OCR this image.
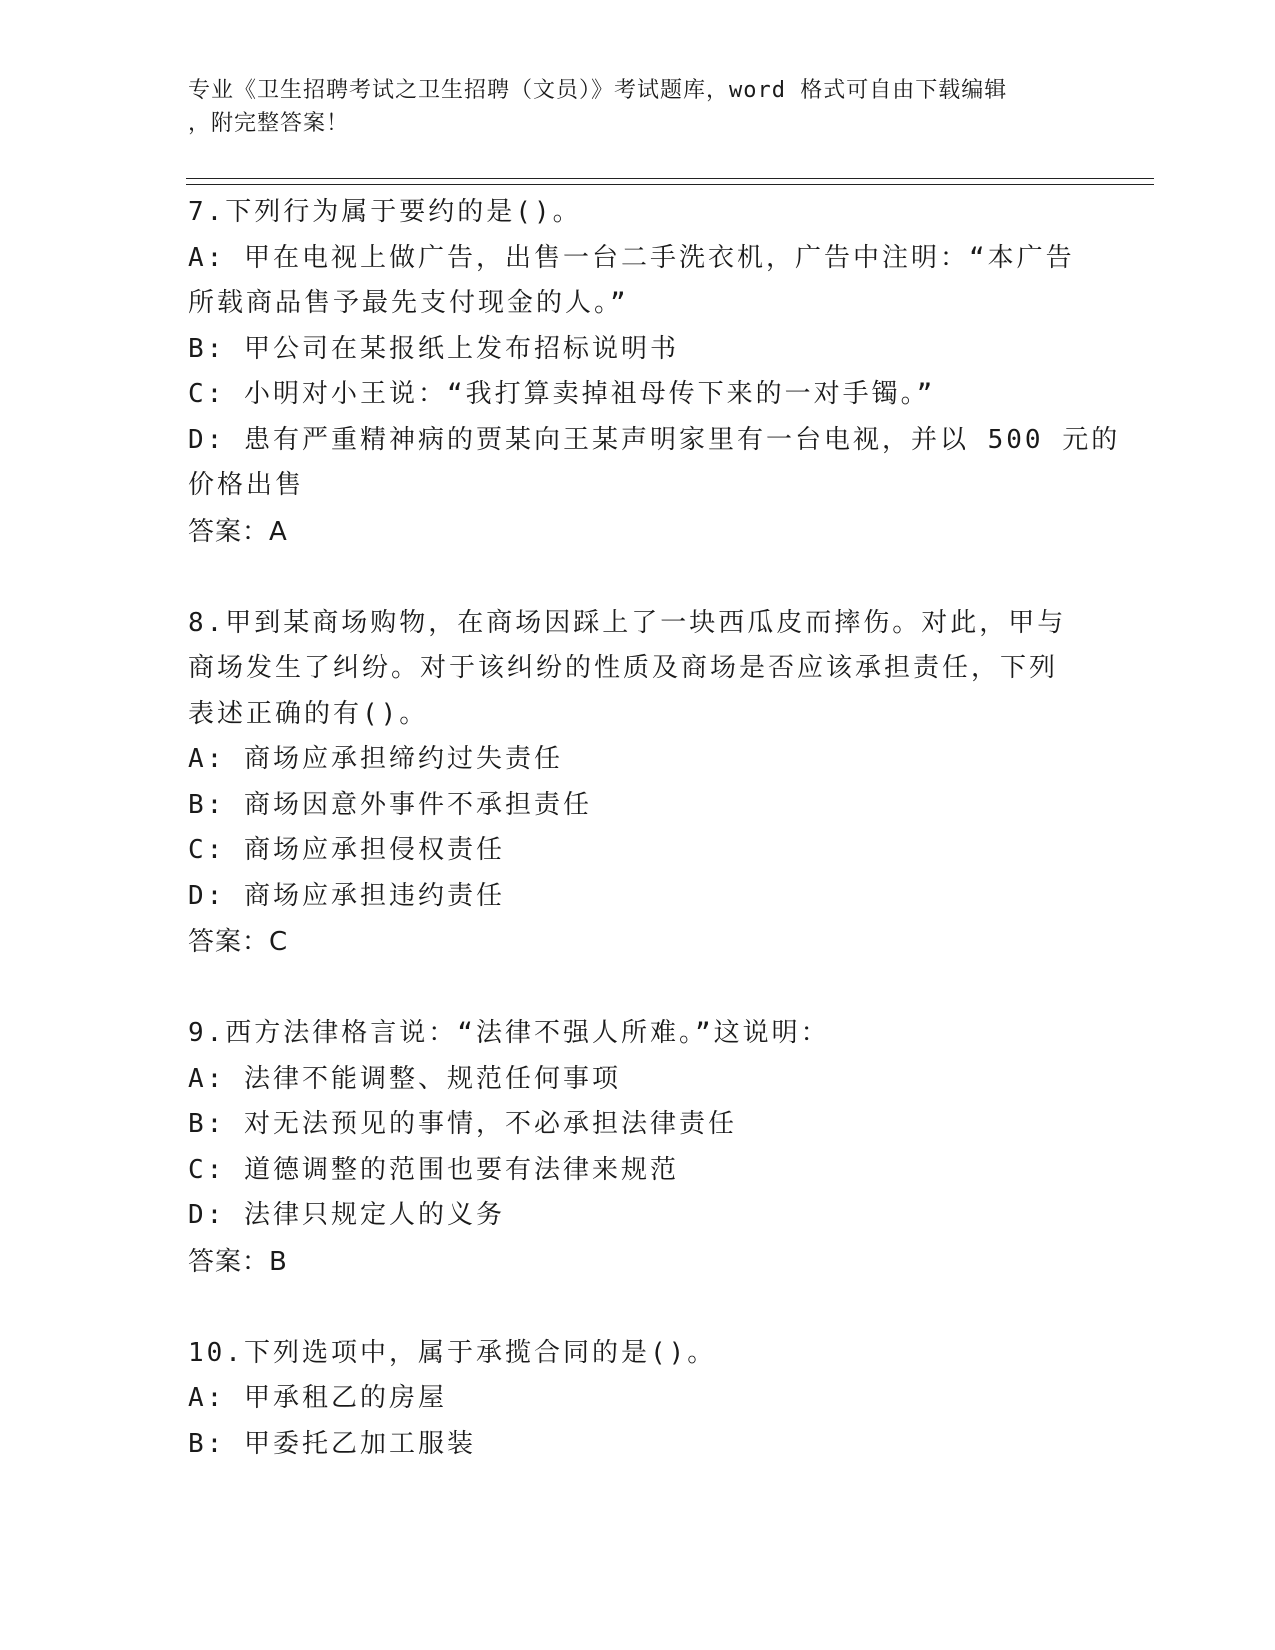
专业《卫生招聘考试之卫生招聘（文员）》考试题库，word 格式可自由下载编辑
，附完整答案！
7.下列行为属于要约的是()。
A: 甲在电视上做广告，出售一台二手洗衣机，广告中注明：“本广告
所载商品售予最先支付现金的人。”
B: 甲公司在某报纸上发布招标说明书
C: 小明对小王说：“我打算卖掉祖母传下来的一对手镯。”
D: 患有严重精神病的贾某向王某声明家里有一台电视，并以 500 元的
价格出售
答案：A
8.甲到某商场购物，在商场因踩上了一块西瓜皮而摔伤。对此，甲与
商场发生了纠纷。对于该纠纷的性质及商场是否应该承担责任，下列
表述正确的有()。
A: 商场应承担缔约过失责任
B: 商场因意外事件不承担责任
C: 商场应承担侵权责任
D: 商场应承担违约责任
答案：C
9.西方法律格言说：“法律不强人所难。”这说明：
A: 法律不能调整、规范任何事项
B: 对无法预见的事情，不必承担法律责任
C: 道德调整的范围也要有法律来规范
D: 法律只规定人的义务
答案：B
10.下列选项中，属于承揽合同的是()。
A: 甲承租乙的房屋
B: 甲委托乙加工服装
